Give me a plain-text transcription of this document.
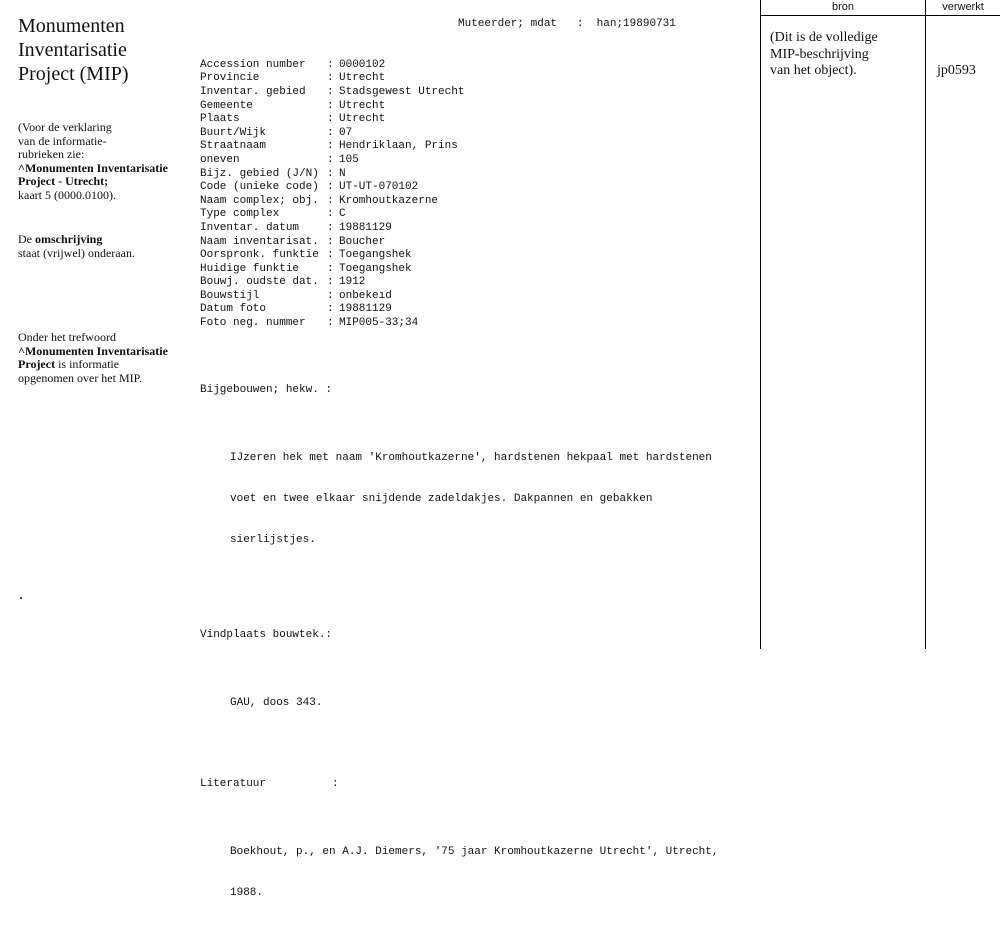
Monumenten
Inventarisatie
Project (MIP)
(Voor de verklaring
van de informatie-
rubrieken zie:
^Monumenten Inventarisatie
Project - Utrecht;
kaart 5 (0000.0100).
De omschrijving
staat (vrijwel) onderaan.
Onder het trefwoord
^Monumenten Inventarisatie
Project is informatie
opgenomen over het MIP.

Muteerder; mdat   :  han;19890731

Accession number : 0000102
Provincie	: Utrecht
Inventar. gebied : Stadsgewest Utrecht
Gemeente	: Utrecht
Plaats	: Utrecht
Buurt/Wijk	: 07
Straatnaam	: Hendriklaan, Prins
oneven	: 105
Bijz. gebied (J/N) : N
Code (unieke code) : UT-UT-070102
Naam complex; obj. : Kromhoutkazerne
Type complex	: C
Inventar. datum	: 19881129
Naam inventarisat. : Boucher
Oorspronk. funktie : Toegangshek
Huidige funktie	: Toegangshek
Bouwj. oudste dat. : 1912
Bouwstijl	: onbekeıd
Datum foto	: 19881129
Foto neg. nummer : MIP005-33;34

Bijgebouwen; hekw. :

IJzeren hek met naam 'Kromhoutkazerne', hardstenen hekpaal met hardstenen

voet en twee elkaar snijdende zadeldakjes. Dakpannen en gebakken

sierlijstjes.

Vindplaats bouwtek.:

GAU, doos 343.

Literatuur          :

Boekhout, p., en A.J. Diemers, '75 jaar Kromhoutkazerne Utrecht', Utrecht,

1988.

bron	verwerkt
(Dit is de volledige
MIP-beschrijving
van het object).	jp0593
